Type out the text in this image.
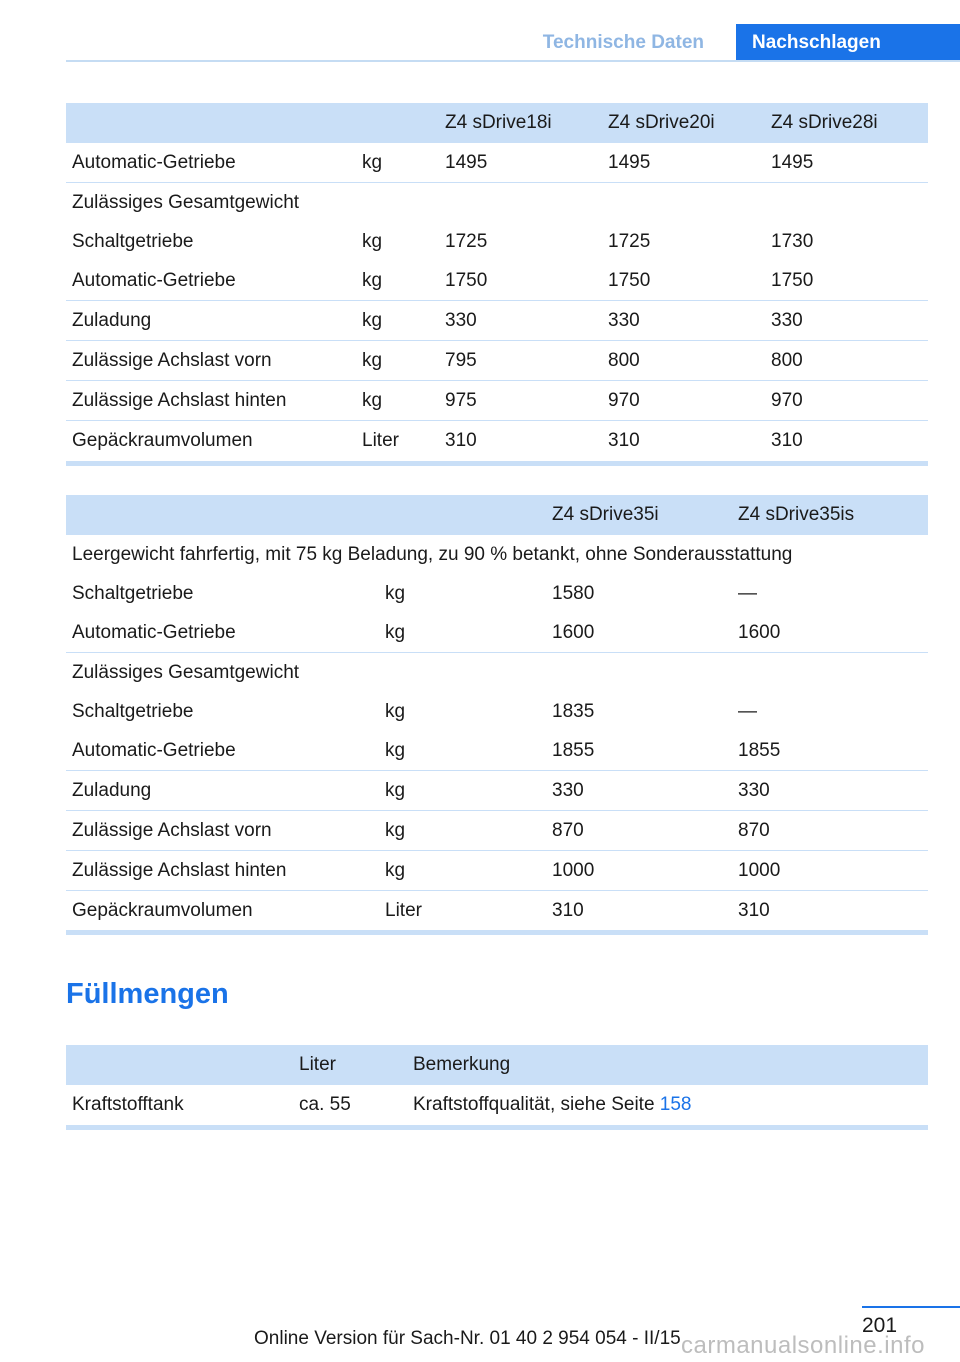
Technische Daten	Nachschlagen
		Z4 sDrive18i	Z4 sDrive20i	Z4 sDrive28i
Automatic-Getriebe	kg	1495	1495	1495
Zulässiges Gesamtgewicht				
Schaltgetriebe	kg	1725	1725	1730
Automatic-Getriebe	kg	1750	1750	1750
Zuladung	kg	330	330	330
Zulässige Achslast vorn	kg	795	800	800
Zulässige Achslast hinten	kg	975	970	970
Gepäckraumvolumen	Liter	310	310	310
		Z4 sDrive35i	Z4 sDrive35is
Leergewicht fahrfertig, mit 75 kg Beladung, zu 90 % betankt, ohne Sonderausstattung			
Schaltgetriebe	kg	1580	—
Automatic-Getriebe	kg	1600	1600
Zulässiges Gesamtgewicht			
Schaltgetriebe	kg	1835	—
Automatic-Getriebe	kg	1855	1855
Zuladung	kg	330	330
Zulässige Achslast vorn	kg	870	870
Zulässige Achslast hinten	kg	1000	1000
Gepäckraumvolumen	Liter	310	310
Füllmengen
	Liter	Bemerkung
Kraftstofftank	ca. 55	Kraftstoffqualität, siehe Seite 158
201
Online Version für Sach-Nr. 01 40 2 954 054 - II/15 carmanualsonline.info
